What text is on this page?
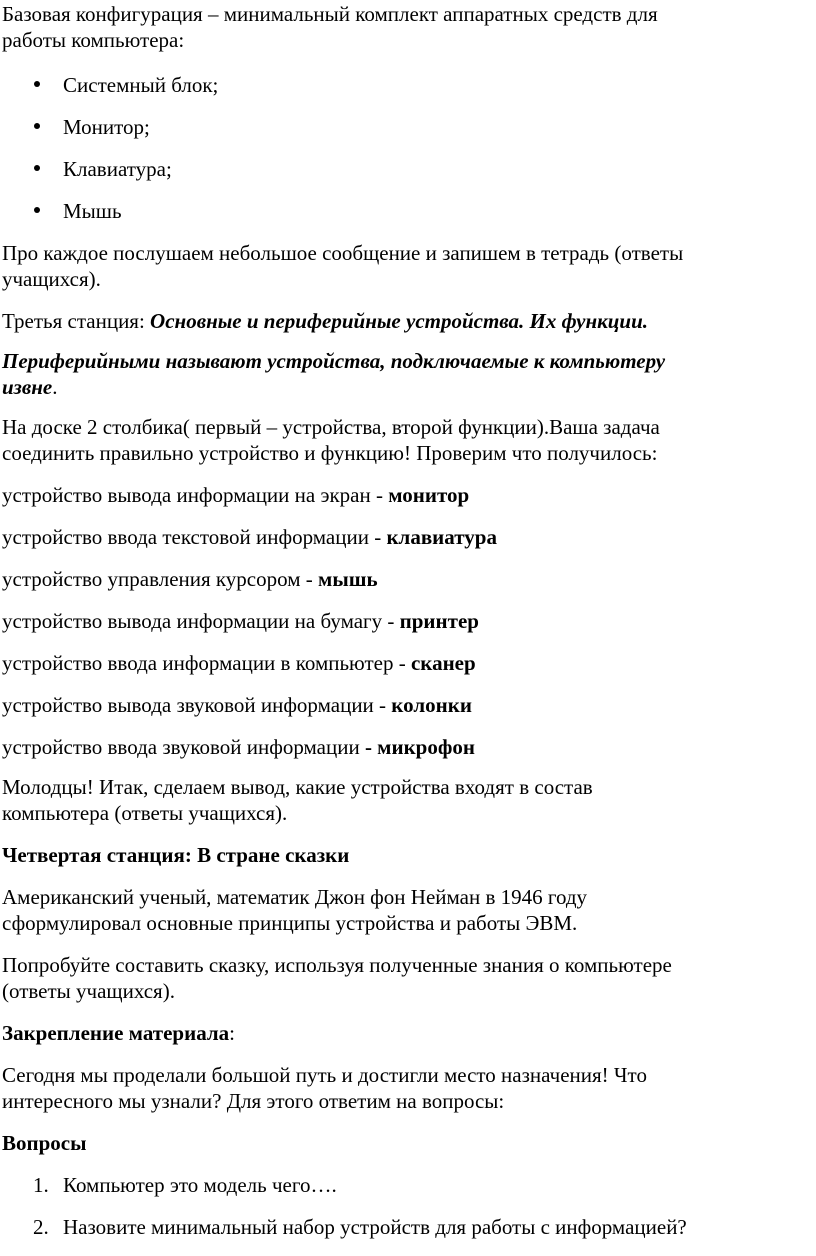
Базовая конфигурация – минимальный комплект аппаратных средств для
работы компьютера:

Системный блок;
Монитор;
Клавиатура;
Мышь

Про каждое послушаем небольшое сообщение и запишем в тетрадь (ответы
учащихся).

Третья станция: Основные и периферийные устройства. Их функции.

Периферийными называют устройства, подключаемые к компьютеру
извне.

На доске 2 столбика( первый – устройства, второй функции).Ваша задача
соединить правильно устройство и функцию! Проверим что получилось:

устройство вывода информации на экран - монитор

устройство ввода текстовой информации - клавиатура

устройство управления курсором - мышь

устройство вывода информации на бумагу - принтер

устройство ввода информации в компьютер - сканер

устройство вывода звуковой информации - колонки

устройство ввода звуковой информации - микрофон

Молодцы! Итак, сделаем вывод, какие устройства входят в состав
компьютера (ответы учащихся).

Четвертая станция: В стране сказки

Американский ученый, математик Джон фон Нейман в 1946 году
сформулировал основные принципы устройства и работы ЭВМ.

Попробуйте составить сказку, используя полученные знания о компьютере
(ответы учащихся).

Закрепление материала:

Сегодня мы проделали большой путь и достигли место назначения! Что
интересного мы узнали? Для этого ответим на вопросы:

Вопросы

1. Компьютер это модель чего….
2. Назовите минимальный набор устройств для работы с информацией?
